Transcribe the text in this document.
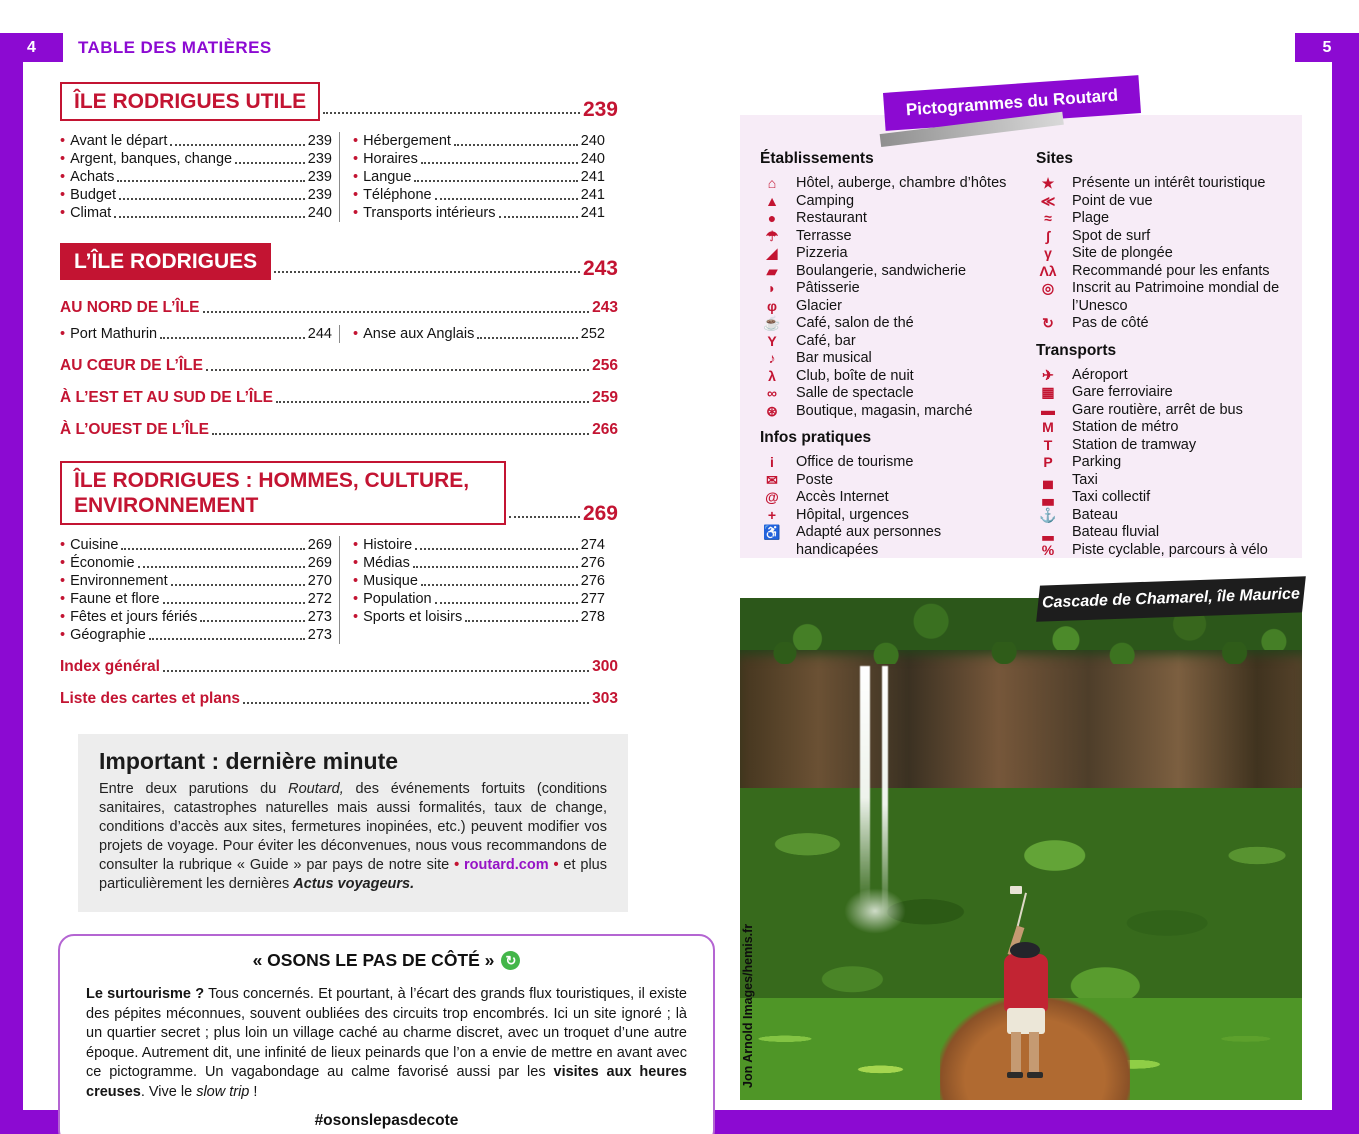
4	5
TABLE DES MATIÈRES
ÎLE RODRIGUES UTILE	239
• Avant le départ	239
• Argent, banques, change	239
• Achats	239
• Budget	239
• Climat	240
• Hébergement	240
• Horaires	240
• Langue	241
• Téléphone	241
• Transports intérieurs	241
L’ÎLE RODRIGUES	243
AU NORD DE L’ÎLE	243
• Port Mathurin	244 • Anse aux Anglais	252
AU CŒUR DE L’ÎLE	256
À L’EST ET AU SUD DE L’ÎLE	259
À L’OUEST DE L’ÎLE	266
ÎLE RODRIGUES : HOMMES, CULTURE,
ENVIRONNEMENT	269
• Cuisine	269
• Économie	269
• Environnement	270
• Faune et flore	272
• Fêtes et jours fériés	273
• Géographie	273
• Histoire	274
• Médias	276
• Musique	276
• Population	277
• Sports et loisirs	278
Index général	300
Liste des cartes et plans	303
Important : dernière minute
Entre deux parutions du Routard, des événements fortuits (conditions sanitaires, catastrophes naturelles mais aussi formalités, taux de change, conditions d’accès aux sites, fermetures inopinées, etc.) peuvent modifier vos projets de voyage. Pour éviter les déconvenues, nous vous recommandons de consulter la rubrique « Guide » par pays de notre site • routard.com • et plus particulièrement les dernières Actus voyageurs.
« OSONS LE PAS DE CÔTÉ » ↻
Le surtourisme ? Tous concernés. Et pourtant, à l’écart des grands flux touristiques, il existe des pépites méconnues, souvent oubliées des circuits trop encombrés. Ici un site ignoré ; là un quartier secret ; plus loin un village caché au charme discret, avec un troquet d’une autre époque. Autrement dit, une infinité de lieux peinards que l’on a envie de mettre en avant avec ce pictogramme. Un vagabondage au calme favorisé aussi par les visites aux heures creuses. Vive le slow trip !
#osonslepasdecote
Établissements
⌂	Hôtel, auberge, chambre d’hôtes
▲	Camping
●	Restaurant
☂	Terrasse
◢	Pizzeria
▰	Boulangerie, sandwicherie
◗	Pâtisserie
φ	Glacier
☕ Café, salon de thé
Y	Café, bar
♪	Bar musical
λ	Club, boîte de nuit
∞	Salle de spectacle
⊛	Boutique, magasin, marché
Infos pratiques
i	Office de tourisme
✉	Poste
@	Accès Internet
+	Hôpital, urgences
♿ Adapté aux personnes handicapées
Sites
★	Présente un intérêt touristique
≪	Point de vue
≈	Plage
∫	Spot de surf
γ	Site de plongée
Λλ Recommandé pour les enfants
◎	Inscrit au Patrimoine mondial de l’Unesco
↻	Pas de côté
Transports
✈	Aéroport
▦	Gare ferroviaire
▬	Gare routière, arrêt de bus
M	Station de métro
T	Station de tramway
P	Parking
▄	Taxi
▃	Taxi collectif
⚓ Bateau
▂	Bateau fluvial
%	Piste cyclable, parcours à vélo
Pictogrammes du Routard
Cascade de Chamarel, île Maurice
Jon Arnold Images/hemis.fr
